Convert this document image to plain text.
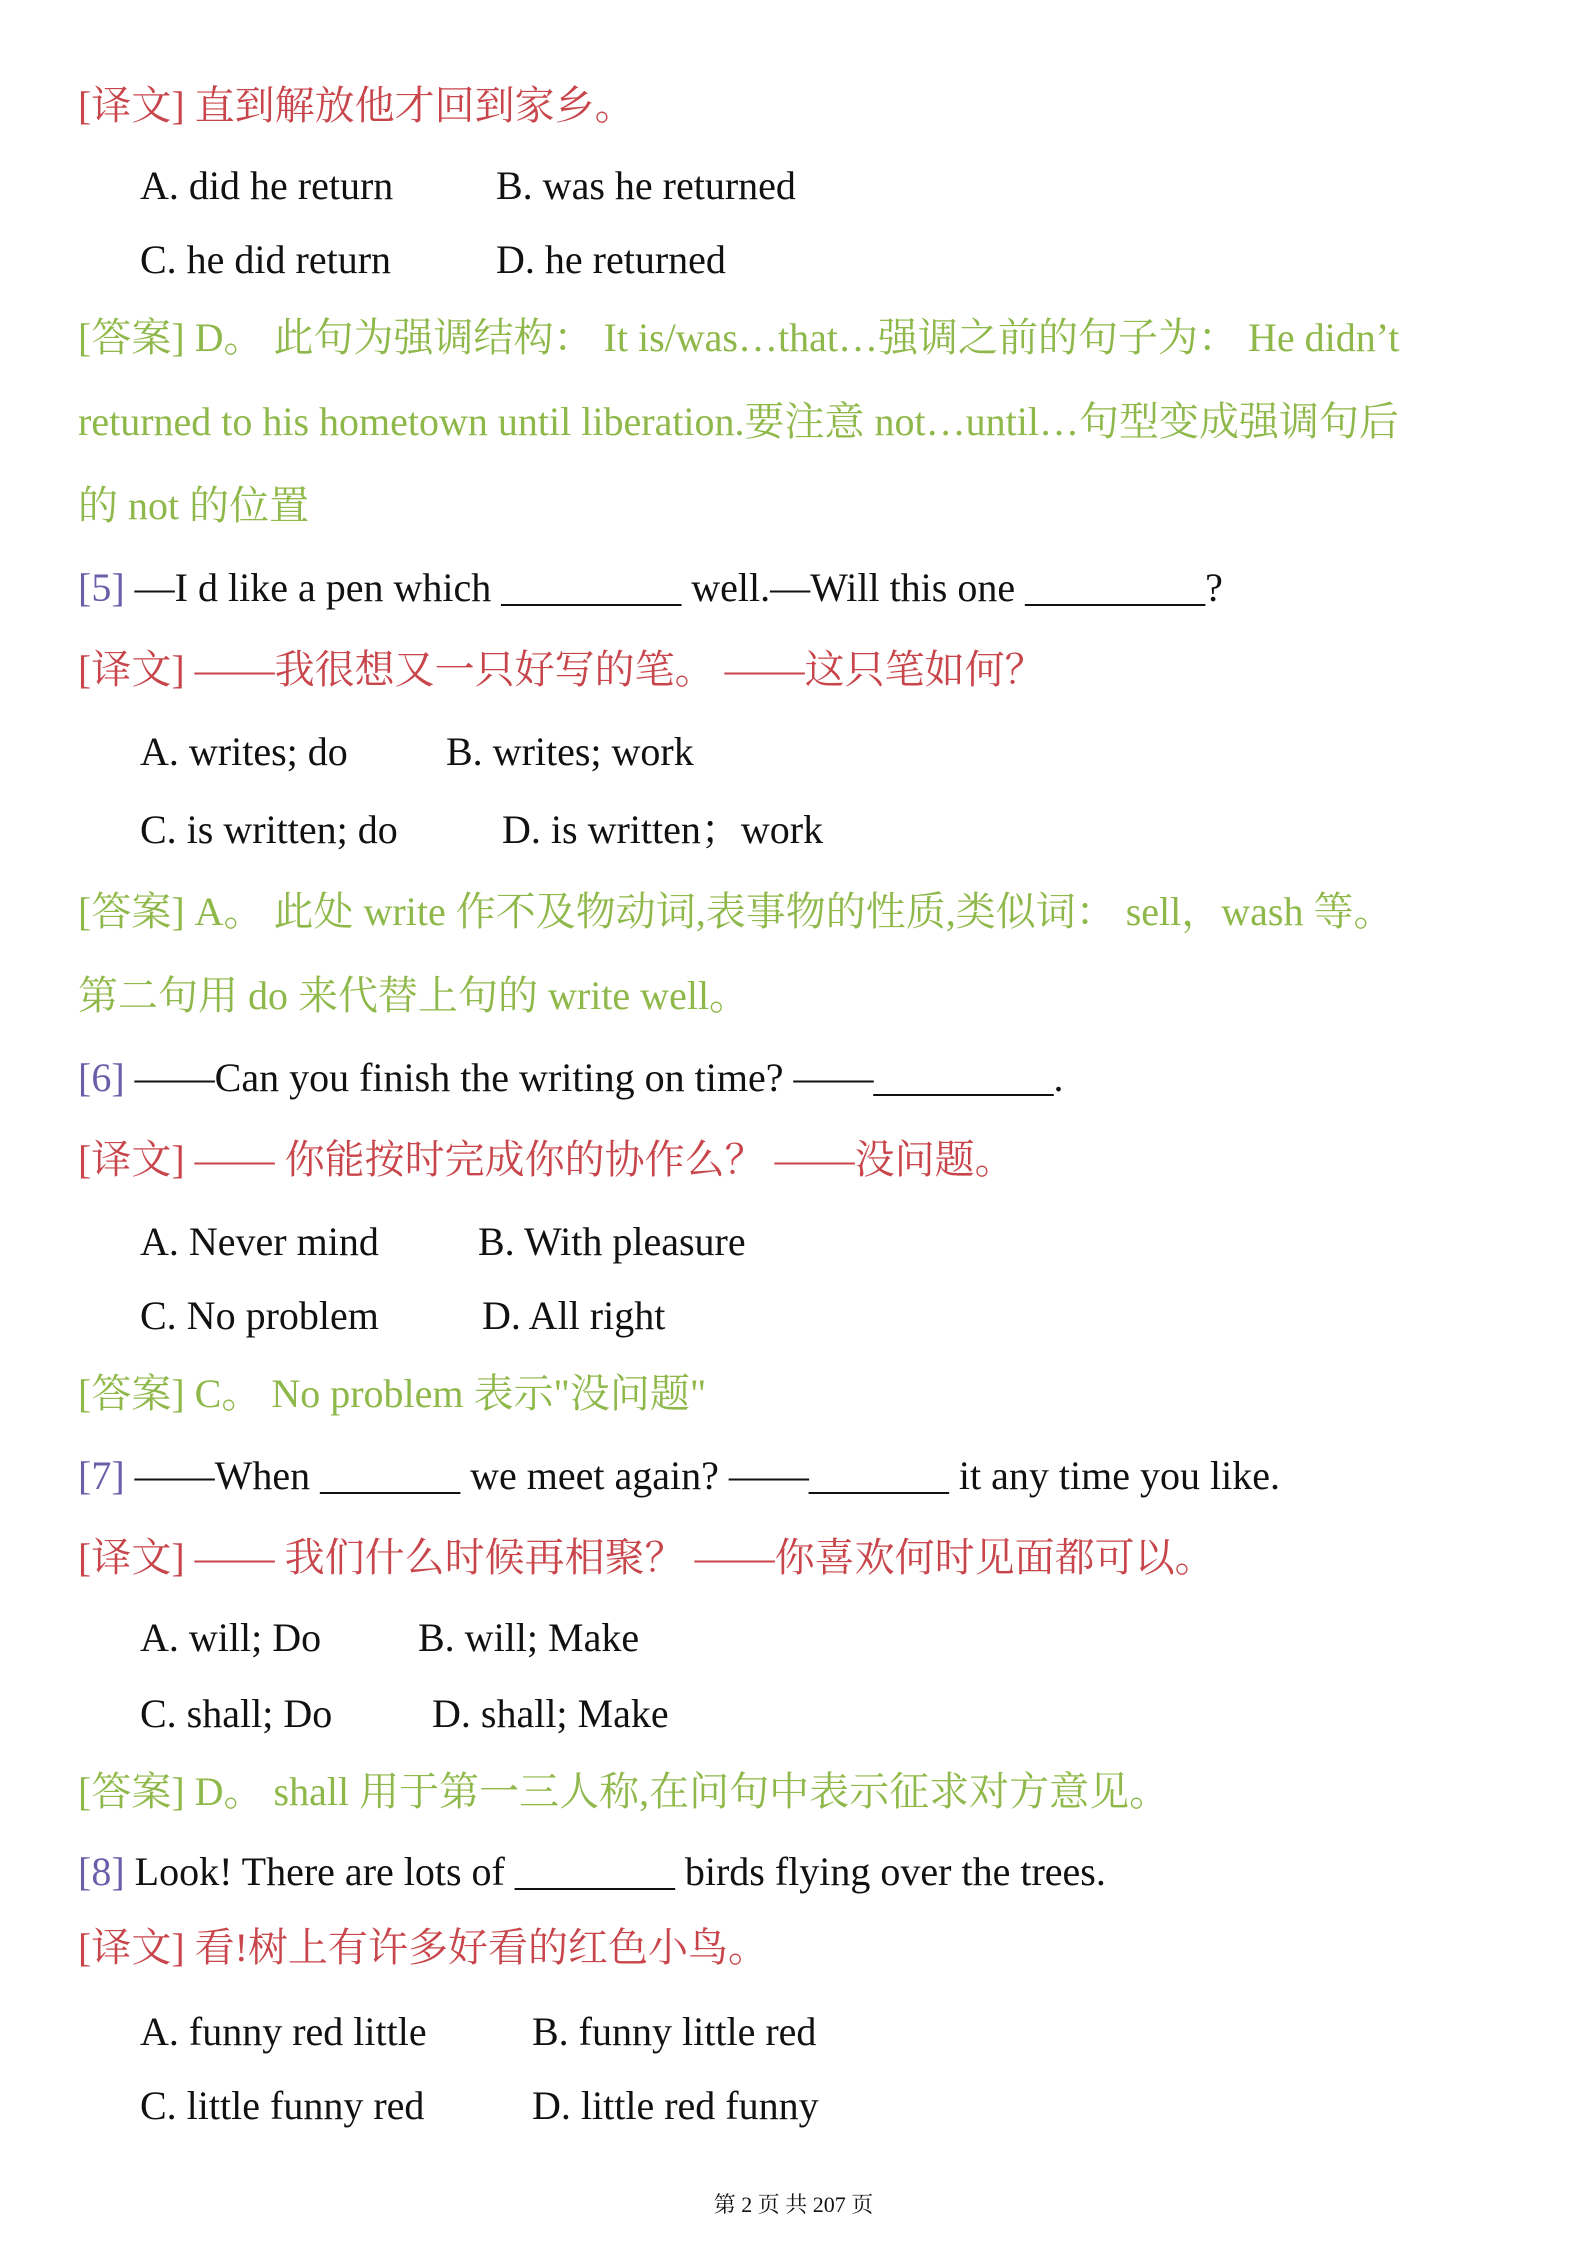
[译文] 直到解放他才回到家乡。
A. did he return	B. was he returned
C. he did return	D. he returned
[答案] D。 此句为强调结构： It is/was…that…强调之前的句子为： He didn’t
returned to his hometown until liberation.要注意 not…until…句型变成强调句后
的 not 的位置
[5] —I d like a pen which _________ well.—Will this one _________?
[译文] ——我很想又一只好写的笔。 ——这只笔如何？
A. writes; do B. writes; work
C. is written; do	D. is written；work
[答案] A。 此处 write 作不及物动词,表事物的性质,类似词： sell，wash 等。
第二句用 do 来代替上句的 write well。
[6] ——Can you finish the writing on time? ——_________.
[译文] —— 你能按时完成你的协作么？ ——没问题。
A. Never mind B. With pleasure
C. No problem	D. All right
[答案] C。 No problem 表示"没问题"
[7] ——When _______ we meet again? ——_______ it any time you like.
[译文] —— 我们什么时候再相聚？ ——你喜欢何时见面都可以。
A. will; Do B. will; Make
C. shall; Do D. shall; Make
[答案] D。 shall 用于第一三人称,在问句中表示征求对方意见。
[8] Look! There are lots of ________ birds flying over the trees.
[译文] 看!树上有许多好看的红色小鸟。
A. funny red little	B. funny little red
C. little funny red	D. little red funny
第 2 页 共 207 页
